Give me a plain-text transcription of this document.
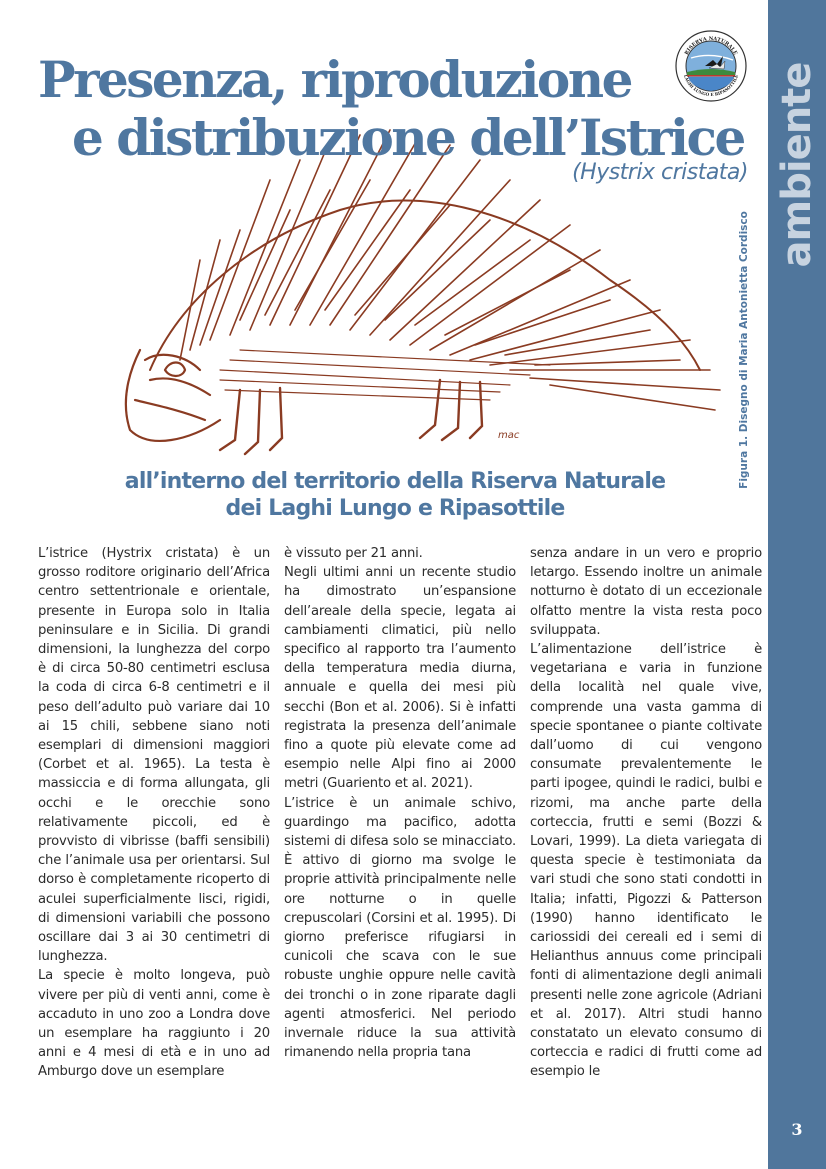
mac
Presenza, riproduzione
e distribuzione dell’Istrice
(Hystrix cristata)
RISERVA NATURALE
LAGHI LUNGO E RIPASOTTILE
Figura 1. Disegno di Maria Antonietta Cordisco
all’interno del territorio della Riserva Naturale
dei Laghi Lungo e Ripasottile

L’istrice (Hystrix cristata) è un grosso roditore originario dell’Africa centro settentrionale e orientale, presente in Europa solo in Italia peninsulare e in Sicilia. Di grandi dimensioni, la lunghezza del corpo è di circa 50-80 centimetri esclusa la coda di circa 6-8 centimetri e il peso dell’adulto può variare dai 10 ai 15 chili, sebbene siano noti esemplari di dimensioni maggiori (Corbet et al. 1965). La testa è massiccia e di forma allungata, gli occhi e le orecchie sono relativamente piccoli, ed è provvisto di vibrisse (baffi sensibili) che l’animale usa per orientarsi. Sul dorso è completamente ricoperto di aculei superficialmente lisci, rigidi, di dimensioni variabili che possono oscillare dai 3 ai 30 centimetri di lunghezza.

La specie è molto longeva, può vivere per più di venti anni, come è accaduto in uno zoo a Londra dove un esemplare ha raggiunto i 20 anni e 4 mesi di età e in uno ad Amburgo dove un esemplare

è vissuto per 21 anni.

Negli ultimi anni un recente studio ha dimostrato un’espansione dell’areale della specie, legata ai cambiamenti climatici, più nello specifico al rapporto tra l’aumento della temperatura media diurna, annuale e quella dei mesi più secchi (Bon et al. 2006). Si è infatti registrata la presenza dell’animale fino a quote più elevate come ad esempio nelle Alpi fino ai 2000 metri (Guariento et al. 2021).

L’istrice è un animale schivo, guardingo ma pacifico, adotta sistemi di difesa solo se minacciato. È attivo di giorno ma svolge le proprie attività principalmente nelle ore notturne o in quelle crepuscolari (Corsini et al. 1995). Di giorno preferisce rifugiarsi in cunicoli che scava con le sue robuste unghie oppure nelle cavità dei tronchi o in zone riparate dagli agenti atmosferici. Nel periodo invernale riduce la sua attività rimanendo nella propria tana

senza andare in un vero e proprio letargo. Essendo inoltre un animale notturno è dotato di un eccezionale olfatto mentre la vista resta poco sviluppata.

L’alimentazione dell’istrice è vegetariana e varia in funzione della località nel quale vive, comprende una vasta gamma di specie spontanee o piante coltivate dall’uomo di cui vengono consumate prevalentemente le parti ipogee, quindi le radici, bulbi e rizomi, ma anche parte della corteccia, frutti e semi (Bozzi & Lovari, 1999). La dieta variegata di questa specie è testimoniata da vari studi che sono stati condotti in Italia; infatti, Pigozzi & Patterson (1990) hanno identificato le cariossidi dei cereali ed i semi di Helianthus annuus come principali fonti di alimentazione degli animali presenti nelle zone agricole (Adriani et al. 2017). Altri studi hanno constatato un elevato consumo di corteccia e radici di frutti come ad esempio le

ambiente
3
